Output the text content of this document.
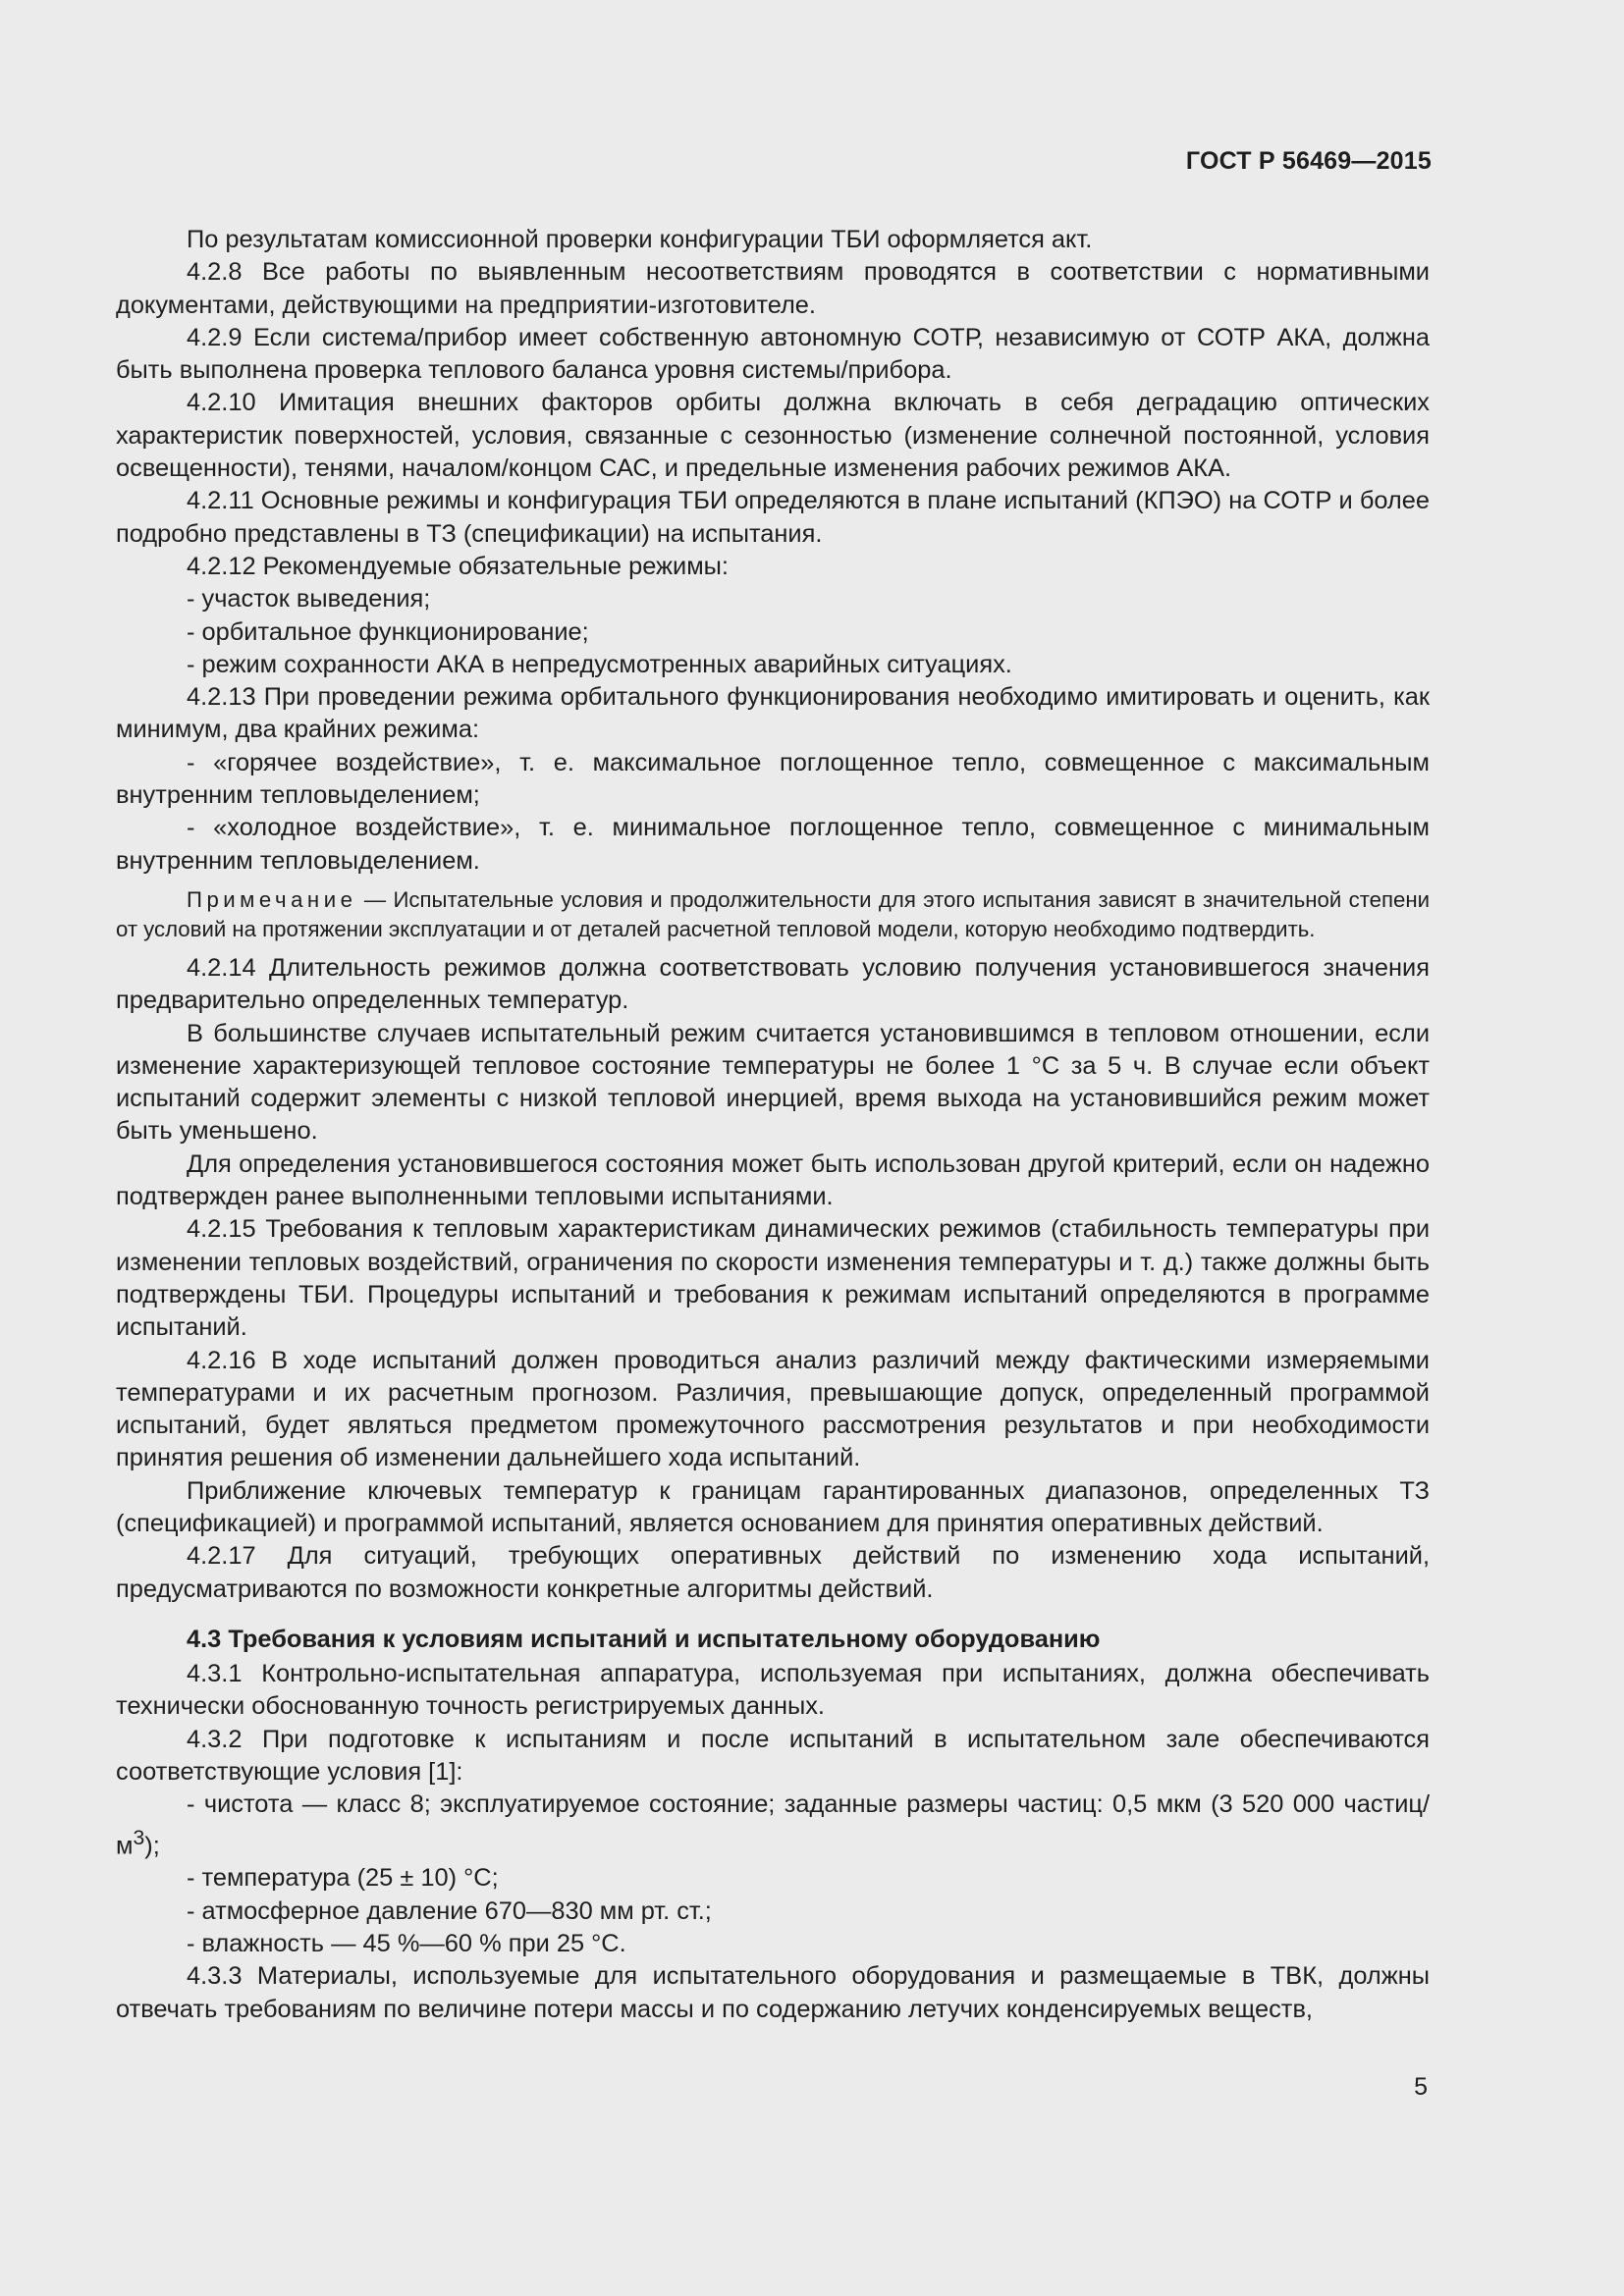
ГОСТ Р 56469—2015

По результатам комиссионной проверки конфигурации ТБИ оформляется акт.

4.2.8 Все работы по выявленным несоответствиям проводятся в соответствии с нормативными документами, действующими на предприятии-изготовителе.

4.2.9 Если система/прибор имеет собственную автономную СОТР, независимую от СОТР АКА, должна быть выполнена проверка теплового баланса уровня системы/прибора.

4.2.10 Имитация внешних факторов орбиты должна включать в себя деградацию оптических характеристик поверхностей, условия, связанные с сезонностью (изменение солнечной постоянной, условия освещенности), тенями, началом/концом САС, и предельные изменения рабочих режимов АКА.

4.2.11 Основные режимы и конфигурация ТБИ определяются в плане испытаний (КПЭО) на СОТР и более подробно представлены в ТЗ (спецификации) на испытания.

4.2.12 Рекомендуемые обязательные режимы:

- участок выведения;

- орбитальное функционирование;

- режим сохранности АКА в непредусмотренных аварийных ситуациях.

4.2.13 При проведении режима орбитального функционирования необходимо имитировать и оценить, как минимум, два крайних режима:

- «горячее воздействие», т. е. максимальное поглощенное тепло, совмещенное с максимальным внутренним тепловыделением;

- «холодное воздействие», т. е. минимальное поглощенное тепло, совмещенное с минимальным внутренним тепловыделением.

Примечание — Испытательные условия и продолжительности для этого испытания зависят в значительной степени от условий на протяжении эксплуатации и от деталей расчетной тепловой модели, которую необходимо подтвердить.

4.2.14 Длительность режимов должна соответствовать условию получения установившегося значения предварительно определенных температур.

В большинстве случаев испытательный режим считается установившимся в тепловом отношении, если изменение характеризующей тепловое состояние температуры не более 1 °C за 5 ч. В случае если объект испытаний содержит элементы с низкой тепловой инерцией, время выхода на установившийся режим может быть уменьшено.

Для определения установившегося состояния может быть использован другой критерий, если он надежно подтвержден ранее выполненными тепловыми испытаниями.

4.2.15 Требования к тепловым характеристикам динамических режимов (стабильность температуры при изменении тепловых воздействий, ограничения по скорости изменения температуры и т. д.) также должны быть подтверждены ТБИ. Процедуры испытаний и требования к режимам испытаний определяются в программе испытаний.

4.2.16 В ходе испытаний должен проводиться анализ различий между фактическими измеряемыми температурами и их расчетным прогнозом. Различия, превышающие допуск, определенный программой испытаний, будет являться предметом промежуточного рассмотрения результатов и при необходимости принятия решения об изменении дальнейшего хода испытаний.

Приближение ключевых температур к границам гарантированных диапазонов, определенных ТЗ (спецификацией) и программой испытаний, является основанием для принятия оперативных действий.

4.2.17 Для ситуаций, требующих оперативных действий по изменению хода испытаний, предусматриваются по возможности конкретные алгоритмы действий.

4.3 Требования к условиям испытаний и испытательному оборудованию

4.3.1 Контрольно-испытательная аппаратура, используемая при испытаниях, должна обеспечивать технически обоснованную точность регистрируемых данных.

4.3.2 При подготовке к испытаниям и после испытаний в испытательном зале обеспечиваются соответствующие условия [1]:

- чистота — класс 8; эксплуатируемое состояние; заданные размеры частиц: 0,5 мкм (3 520 000 частиц/$м^3$);

- температура (25 ± 10) °C;

- атмосферное давление 670—830 мм рт. ст.;

- влажность — 45 %—60 % при 25 °C.

4.3.3 Материалы, используемые для испытательного оборудования и размещаемые в ТВК, должны отвечать требованиям по величине потери массы и по содержанию летучих конденсируемых веществ,

5
